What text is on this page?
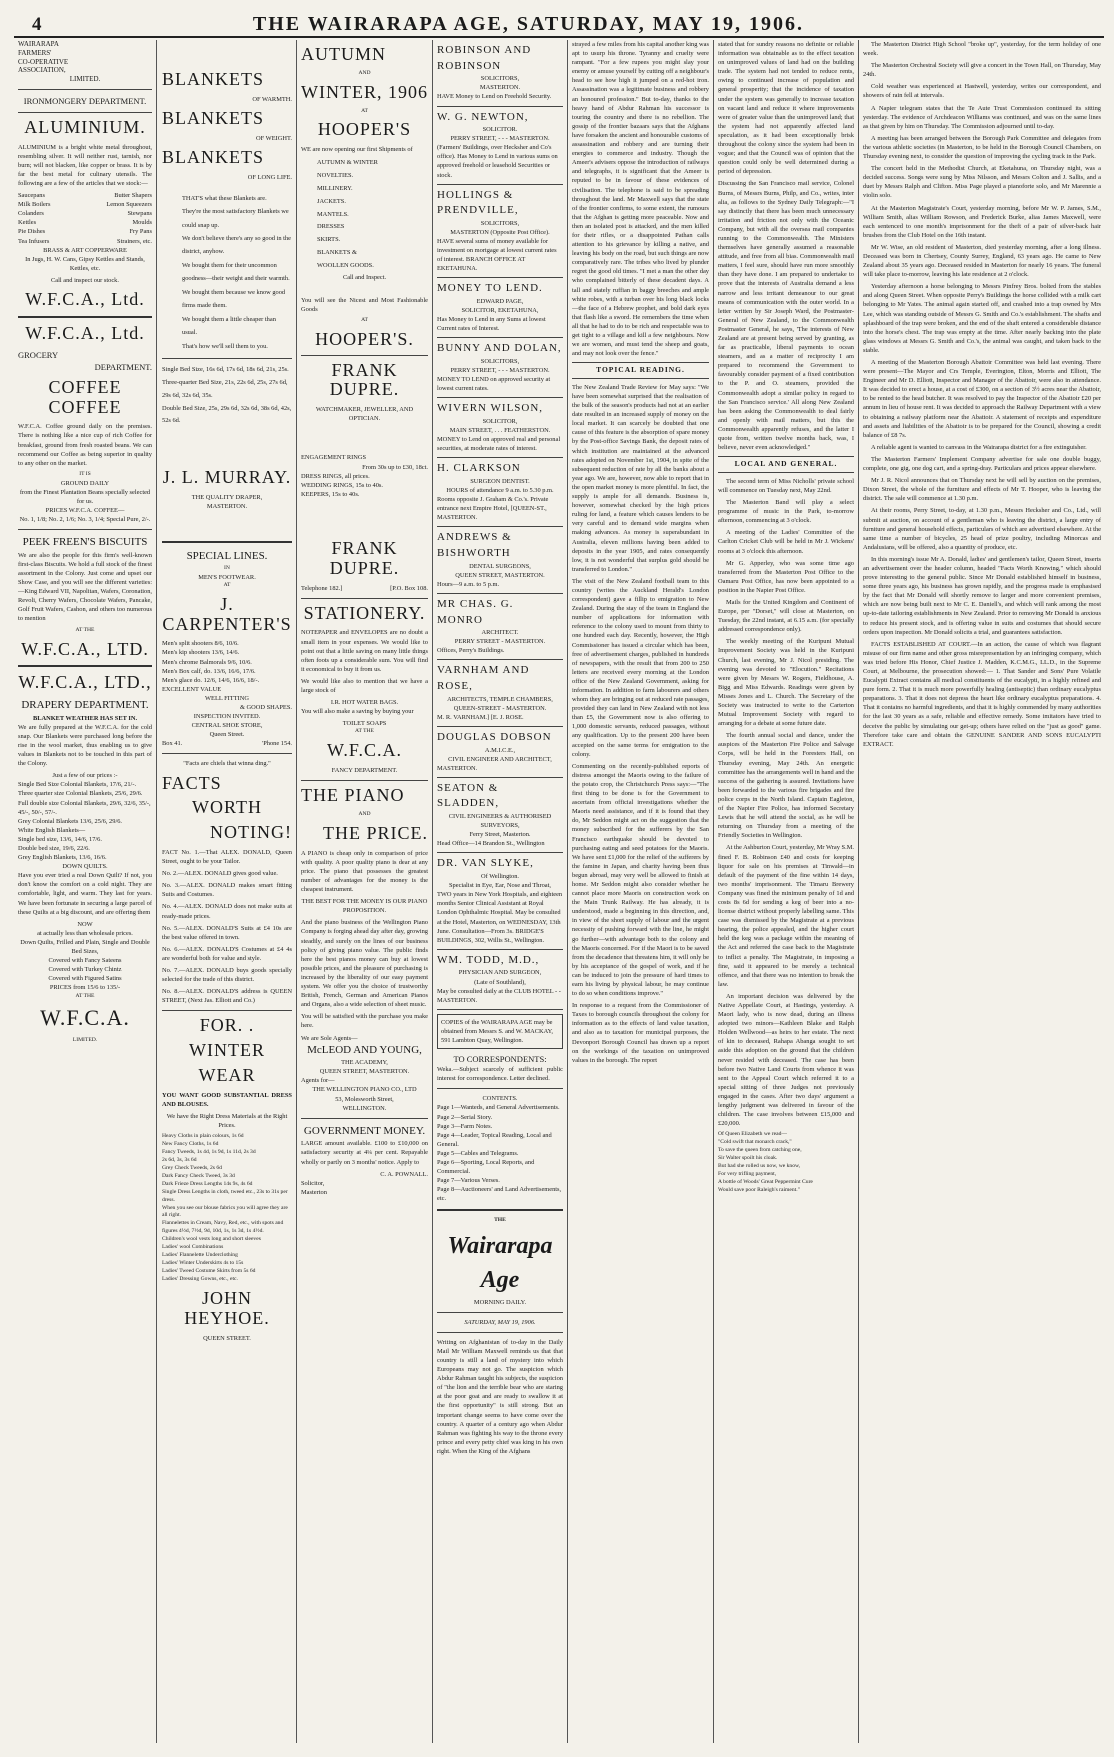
4	THE WAIRARAPA AGE, SATURDAY, MAY 19, 1906.
WAIRARAPA
FARMERS'
CO-OPERATIVE
ASSOCIATION,
LIMITED.
IRONMONGERY DEPARTMENT.
ALUMINIUM.

ALUMINIUM is a bright white metal throughout, resembling silver. It will neither rust, tarnish, nor burn; will not blacken, like copper or brass. It is by far the best metal for culinary utensils. The following are a few of the articles that we stock:—

Saucepans	Butter Shapers
Milk Boilers	Lemon Squeezers
Colanders	Stewpans
Kettles	Moulds
Pie Dishes	Fry Pans
Tea Infusers	Strainers, etc.
BRASS & ART COPPERWARE

In Jugs, H. W. Cans, Gipsy Kettles and Stands, Kettles, etc.

Call and inspect our stock.
W.F.C.A., Ltd.
W.F.C.A., Ltd.
GROCERY
DEPARTMENT.
COFFEE COFFEE

W.F.C.A. Coffee ground daily on the premises. There is nothing like a nice cup of rich Coffee for breakfast, ground from fresh roasted beans. We can recommend our Coffee as being superior in quality to any other on the market.

IT IS
GROUND DAILY
from the Finest Plantation Beans specially selected for us.
PRICES W.F.C.A. COFFEE—
No. 1, 1/8; No. 2, 1/6; No. 3, 1/4; Special Pure, 2/-.
PEEK FREEN'S BISCUITS

We are also the people for this firm's well-known first-class Biscuits. We hold a full stock of the finest assortment in the Colony. Just come and upset our Show Case, and you will see the different varieties:—King Edward VII, Napolitan, Wafers, Coronation, Revoli, Cherry Wafers, Chocolate Wafers, Pancake, Golf Fruit Wafers, Cashon, and others too numerous to mention

AT THE
W.F.C.A., LTD.
W.F.C.A., LTD.,
DRAPERY DEPARTMENT.
BLANKET WEATHER HAS SET IN.

We are fully prepared at the W.F.C.A. for the cold snap. Our Blankets were purchased long before the rise in the wool market, thus enabling us to give values in Blankets not to be touched in this part of the Colony.

Just a few of our prices :-
Single Bed Size Colonial Blankets, 17/6, 21/-.
Three quarter size Colonial Blankets, 25/6, 29/6.
Full double size Colonial Blankets, 29/6, 32/6, 35/-, 45/-, 50/-, 57/-.
Grey Colonial Blankets 13/6, 25/6, 29/6.
White English Blankets—
Single bed size, 13/6, 14/6, 17/6.
Double bed size, 19/6, 22/6.
Grey English Blankets, 13/6, 16/6.
DOWN QUILTS.

Have you ever tried a real Down Quilt? If not, you don't know the comfort on a cold night. They are comfortable, light, and warm. They last for years. We have been fortunate in securing a large parcel of these Quilts at a big discount, and are offering them

NOW
at actually less than wholesale prices.
Down Quilts, Frilled and Plain, Single and Double Bed Sizes,
Covered with Fancy Sateens
Covered with Turkey Chintz
Covered with Figured Satins
PRICES from 15/6 to 135/-
AT THE
W.F.C.A.
LIMITED.
BLANKETS
OF WARMTH.
BLANKETS
OF WEIGHT.
BLANKETS
OF LONG LIFE.
THAT'S what these Blankets are.
They're the most satisfactory Blankets we could snap up.
We don't believe there's any so good in the district, anyhow.
We bought them for their uncommon goodness—their weight and their warmth.
We bought them because we know good firms made them.
We bought them a little cheaper than usual.
That's how we'll sell them to you.
Single Bed Size, 16s 6d, 17s 6d, 18s 6d, 21s, 25s.
Three-quarter Bed Size, 21s, 22s 6d, 25s, 27s 6d, 29s 6d, 32s 6d, 35s.
Double Bed Size, 25s, 29s 6d, 32s 6d, 38s 6d, 42s, 52s 6d.
J. L. MURRAY.
THE QUALITY DRAPER,
MASTERTON.
SPECIAL LINES.
IN
MEN'S FOOTWEAR.
AT
J. CARPENTER'S
Men's split shooters 8/6, 10/6.
Men's kip shooters 13/6, 14/6.
Men's chrome Balmorals 9/6, 10/6.
Men's Box calf, do. 13/6, 16/6, 17/6.
Men's glace do. 12/6, 14/6, 16/6, 18/-.
EXCELLENT VALUE
WELL FITTING
& GOOD SHAPES.
INSPECTION INVITED.
CENTRAL SHOE STORE,
Queen Street.
Box 41.	'Phone 154.
"Facts are chiels that winna ding."
FACTS
WORTH
NOTING!

FACT No. 1.—That ALEX. DONALD, Queen Street, ought to be your Tailor.

No. 2.—ALEX. DONALD gives good value.

No. 3.—ALEX. DONALD makes smart fitting Suits and Costumes.

No. 4.—ALEX. DONALD does not make suits at ready-made prices.

No. 5.—ALEX. DONALD'S Suits at £4 10s are the best value offered in town.

No. 6.—ALEX. DONALD'S Costumes at £4 4s are wonderful both for value and style.

No. 7.—ALEX. DONALD buys goods specially selected for the trade of this district.

No. 8.—ALEX. DONALD'S address is QUEEN STREET, (Next Jas. Elliott and Co.)

FOR. .
WINTER
WEAR

YOU WANT GOOD SUBSTANTIAL DRESS AND BLOUSES.

We have the Right Dress Materials at the Right Prices.

Heavy Cloths in plain colours, 1s 6d
New Fancy Cloths, 1s 6d
Fancy Tweeds, 1s 4d, 1s 9d, 1s 11d, 2s 3d
2s 6d, 3s, 3s 6d
Grey Check Tweeds, 2s 6d
Dark Fancy Check Tweed, 3s 3d
Dark Frieze Dress Lengths 14s 9s, 4s 6d
Single Dress Lengths in cloth, tweed etc., 23s to 31s per dress.
When you see our blouse fabrics you will agree they are all right.
Flannelettes in Cream, Navy, Red, etc., with spots and figures 4½d, 7½d, 9d, 10d, 1s, 1s 3d, 1s 4½d.
Children's wool vests long and short sleeves
Ladies' wool Combinations
Ladies' Flannelette Underclothing
Ladies' Winter Underskirts 4s to 15s
Ladies' Tweed Costume Skirts from 5s 6d
Ladies' Dressing Gowns, etc., etc.
JOHN HEYHOE.
QUEEN STREET.
AUTUMN
AND
WINTER, 1906
AT
HOOPER'S

WE are now opening our first Shipments of

AUTUMN & WINTER
NOVELTIES.
MILLINERY.
JACKETS.
MANTELS.
DRESSES
SKIRTS.
BLANKETS &
WOOLLEN GOODS.
Call and Inspect.

You will see the Nicest and Most Fashionable Goods

AT
HOOPER'S.
FRANK DUPRE.
WATCHMAKER, JEWELLER, AND OPTICIAN.
ENGAGEMENT RINGS
From 30s up to £30, 18ct.
DRESS RINGS, all prices.
WEDDING RINGS, 15s to 40s.
KEEPERS, 15s to 40s.
FRANK DUPRE.
Telephone 182.]	[P.O. Box 108.
STATIONERY.

NOTEPAPER and ENVELOPES are no doubt a small item in your expenses. We would like to point out that a little saving on many little things often foots up a considerable sum. You will find it economical to buy it from us.

We would like also to mention that we have a large stock of

I.R. HOT WATER BAGS.

You will also make a saving by buying your

TOILET SOAPS
AT THE
W.F.C.A.
FANCY DEPARTMENT.
THE PIANO
AND
THE PRICE.

A PIANO is cheap only in comparison of price with quality. A poor quality piano is dear at any price. The piano that possesses the greatest number of advantages for the money is the cheapest instrument.

THE BEST FOR THE MONEY IS OUR PIANO PROPOSITION.

And the piano business of the Wellington Piano Company is forging ahead day after day, growing steadily, and surely on the lines of our business policy of giving piano value. The public finds here the best pianos money can buy at lowest possible prices, and the pleasure of purchasing is increased by the liberality of our easy payment system. We offer you the choice of trustworthy British, French, German and American Pianos and Organs, also a wide selection of sheet music.

You will be satisfied with the purchase you make here.

We are Sole Agents—
McLEOD AND YOUNG,
THE ACADEMY,
QUEEN STREET, MASTERTON.
Agents for—
THE WELLINGTON PIANO CO., LTD
53, Molesworth Street,
WELLINGTON.
GOVERNMENT MONEY.

LARGE amount available. £100 to £10,000 on satisfactory security at 4¼ per cent. Repayable wholly or partly on 3 months' notice. Apply to

C. A. POWNALL.
Solicitor,
Masterton
ROBINSON AND ROBINSON
SOLICITORS,
MASTERTON.
HAVE Money to Lend on Freehold Security.
W. G. NEWTON,
SOLICITOR.
PERRY STREET, - - - MASTERTON.
(Farmers' Buildings, over Hecksher and Co's office). Has Money to Lend in various sums on approved freehold or leasehold Securities or stock.
HOLLINGS & PRENDVILLE,
SOLICITORS,
MASTERTON (Opposite Post Office).
HAVE several sums of money available for investment on mortgage at lowest current rates of interest. BRANCH OFFICE AT EKETAHUNA.
MONEY TO LEND.
EDWARD PAGE,
SOLICITOR, EKETAHUNA,
Has Money to Lend in any Sums at lowest Current rates of Interest.
BUNNY AND DOLAN,
SOLICITORS,
PERRY STREET, - - - MASTERTON.
MONEY TO LEND on approved security at lowest current rates.
WIVERN WILSON,
SOLICITOR,
MAIN STREET, . . . FEATHERSTON.
MONEY to Lend on approved real and personal securities, at moderate rates of interest.
H. CLARKSON
SURGEON DENTIST.
HOURS of attendance 9 a.m. to 5.30 p.m.
Rooms opposite J. Graham & Co.'s. Private entrance next Empire Hotel, [QUEEN-ST., MASTERTON.
ANDREWS & BISHWORTH
DENTAL SURGEONS,
QUEEN STREET, MASTERTON.
Hours—9 a.m. to 5 p.m.
MR CHAS. G. MONRO
ARCHITECT.
PERRY STREET - MASTERTON.
Offices, Perry's Buildings.
VARNHAM AND ROSE,
ARCHITECTS, TEMPLE CHAMBERS,
QUEEN-STREET - MASTERTON.
M. R. VARNHAM.] [E. J. ROSE.
DOUGLAS DOBSON
A.M.I.C.E.,
CIVIL ENGINEER AND ARCHITECT,
MASTERTON.
SEATON & SLADDEN,
CIVIL ENGINEERS & AUTHORISED SURVEYORS,
Ferry Street, Masterton.
Head Office—14 Brandon St., Wellington
DR. VAN SLYKE,
Of Wellington.
Specialist in Eye, Ear, Nose and Throat,
TWO years in New York Hospitals, and eighteen months Senior Clinical Assistant at Royal London Ophthalmic Hospital. May be consulted at the Hotel, Masterton, on WEDNESDAY, 13th June. Consultation—From 3s. BRIDGE'S BUILDINGS, 302, Willis St., Wellington.
WM. TODD, M.D.,
PHYSICIAN AND SURGEON,
(Late of Southland),
May be consulted daily at the CLUB HOTEL - - MASTERTON.
COPIES of the WAIRARAPA AGE may be obtained from Messrs S. and W. MACKAY, 591 Lambton Quay, Wellington.
TO CORRESPONDENTS:

Weka.—Subject scarcely of sufficient public interest for correspondence. Letter declined.

CONTENTS.
Page 1—Wanteds, and General Advertisements.
Page 2—Serial Story.
Page 3—Farm Notes.
Page 4—Leader, Topical Reading, Local and General.
Page 5—Cables and Telegrams.
Page 6—Sporting, Local Reports, and Commercial.
Page 7—Various Verses.
Page 8—Auctioneers' and Land Advertisements, etc.
THE
Wairarapa Age
MORNING DAILY.
SATURDAY, MAY 19, 1906.

Writing on Afghanistan of to-day in the Daily Mail Mr William Maxwell reminds us that that country is still a land of mystery into which Europeans may not go. The suspicion which Abdur Rahman taught his subjects, the suspicion of "the lion and the terrible bear who are staring at the poor goat and are ready to swallow it at the first opportunity" is still strong. But an important change seems to have come over the country. A quarter of a century ago when Abdur Rahman was fighting his way to the throne every prince and every petty chief was king in his own right. When the King of the Afghans

strayed a few miles from his capital another king was apt to usurp his throne. Tyranny and cruelty were rampant. "For a few rupees you might slay your enemy or amuse yourself by cutting off a neighbour's head to see how high it jumped on a red-hot iron. Assassination was a legitimate business and robbery an honoured profession." But to-day, thanks to the heavy hand of Abdur Rahman his successor is touring the country and there is no rebellion. The gossip of the frontier bazaars says that the Afghans have forsaken the ancient and honourable customs of assassination and robbery and are turning their energies to commerce and industry. Though the Ameer's advisers oppose the introduction of railways and telegraphs, it is significant that the Ameer is reputed to be in favour of these evidences of civilisation. The telephone is said to be spreading throughout the land. Mr Maxwell says that the state of the frontier confirms, to some extent, the rumours that the Afghan is getting more peaceable. Now and then an isolated post is attacked, and the men killed for their rifles, or a disappointed Pathan calls attention to his grievance by killing a native, and leaving his body on the road, but such things are now comparatively rare. The tribes who lived by plunder regret the good old times. "I met a man the other day who complained bitterly of these decadent days. A tall and stately ruffian in baggy breeches and ample white robes, with a turban over his long black locks—the face of a Hebrew prophet, and bold dark eyes that flash like a sword. He remembers the time when all that he had to do to be rich and respectable was to get tight to a village and kill a few neighbours. Now we are women, and must tend the sheep and goats, and may not look over the fence."

TOPICAL READING.

The New Zealand Trade Review for May says: "We have been somewhat surprised that the realisation of the bulk of the season's products had not at an earlier date resulted in an increased supply of money on the local market. It can scarcely be doubted that one cause of this feature is the absorption of spare money by the Post-office Savings Bank, the deposit rates of which institution are maintained at the advanced rates adopted on November 1st, 1904, in spite of the subsequent reduction of rate by all the banks about a year ago. We are, however, now able to report that in the open market money is more plentiful. In fact, the supply is ample for all demands. Business is, however, somewhat checked by the high prices ruling for land, a feature which causes lenders to be very careful and to demand wide margins when making advances. As money is superabundant in Australia, eleven millions having been added to deposits in the year 1905, and rates consequently low, it is not wonderful that surplus gold should be transferred to London."

The visit of the New Zealand football team to this country (writes the Auckland Herald's London correspondent) gave a fillip to emigration to New Zealand. During the stay of the team in England the number of applications for information with reference to the colony used to mount from thirty to one hundred each day. Recently, however, the High Commissioner has issued a circular which has been, free of advertisement charges, published in hundreds of newspapers, with the result that from 200 to 250 letters are received every morning at the London office of the New Zealand Government, asking for information. In addition to farm labourers and others whom they are bringing out at reduced rate passages, provided they can land in New Zealand with not less than £5, the Government now is also offering to 1,000 domestic servants, reduced passages, without any qualification. Up to the present 200 have been accepted on the same terms for emigration to the colony.

Commenting on the recently-published reports of distress amongst the Maoris owing to the failure of the potato crop, the Christchurch Press says:—"The first thing to be done is for the Government to ascertain from official investigations whether the Maoris need assistance, and if it is found that they do, Mr Seddon might act on the suggestion that the money subscribed for the sufferers by the San Francisco earthquake should be devoted to purchasing eating and seed potatoes for the Maoris. We have sent £1,000 for the relief of the sufferers by the famine in Japan, and charity having been thus begun abroad, may very well be allowed to finish at home. Mr Seddon might also consider whether he cannot place more Maoris on construction work on the Main Trunk Railway. He has already, it is understood, made a beginning in this direction, and, in view of the short supply of labour and the urgent necessity of pushing forward with the line, he might go further—with advantage both to the colony and the Maoris concerned. For if the Maori is to be saved from the decadence that threatens him, it will only be by his acceptance of the gospel of work, and if he can be induced to join the pressure of hard times to earn his living by physical labour, he may continue to do so when conditions improve."

In response to a request from the Commissioner of Taxes to borough councils throughout the colony for information as to the effects of land value taxation, and also as to taxation for municipal purposes, the Devonport Borough Council has drawn up a report on the workings of the taxation on unimproved values in the borough. The report

stated that for sundry reasons no definite or reliable information was obtainable as to the effect taxation on unimproved values of land had on the building trade. The system had not tended to reduce rents, owing to continued increase of population and general prosperity; that the incidence of taxation under the system was generally to increase taxation on vacant land and reduce it where improvements were of greater value than the unimproved land; that the system had not apparently affected land speculation, as it had been exceptionally brisk throughout the colony since the system had been in vogue; and that the Council was of opinion that the question could only be well determined during a period of depression.

Discussing the San Francisco mail service, Colonel Burns, of Messrs Burns, Philp, and Co., writes, inter alia, as follows to the Sydney Daily Telegraph:—"I say distinctly that there has been much unnecessary irritation and friction not only with the Oceanic Company, but with all the oversea mail companies running to the Commonwealth. The Ministers themselves have generally assumed a reasonable attitude, and free from all bias. Commonwealth mail matters, I feel sure, should have run more smoothly than they have done. I am prepared to undertake to prove that the interests of Australia demand a less narrow and less irritant demeanour to our great means of communication with the outer world. In a letter written by Sir Joseph Ward, the Postmaster-General of New Zealand, to the Commonwealth Postmaster General, he says, 'The interests of New Zealand are at present being served by granting, as far as practicable, liberal payments to ocean steamers, and as a matter of reciprocity I am prepared to recommend the Government to favourably consider payment of a fixed contribution to the P. and O. steamers, provided the Commonwealth adopt a similar policy in regard to the San Francisco service.' All along New Zealand has been asking the Commonwealth to deal fairly and openly with mail matters, but this the Commonwealth apparently refuses, and the latter I quote from, written twelve months back, was, I believe, never even acknowledged."

LOCAL AND GENERAL.

The second term of Miss Nicholls' private school will commence on Tuesday next, May 22nd.

The Masterton Band will play a select programme of music in the Park, to-morrow afternoon, commencing at 3 o'clock.

A meeting of the Ladies' Committee of the Carlton Cricket Club will be held in Mr J. Wickens' rooms at 3 o'clock this afternoon.

Mr G. Apperley, who was some time ago transferred from the Masterton Post Office to the Oamaru Post Office, has now been appointed to a position in the Napier Post Office.

Mails for the United Kingdom and Continent of Europe, per "Dorset," will close at Masterton, on Tuesday, the 22nd instant, at 6.15 a.m. (for specially addressed correspondence only).

The weekly meeting of the Kuripuni Mutual Improvement Society was held in the Kuripuni Church, last evening, Mr J. Nicol presiding. The evening was devoted to "Elocution." Recitations were given by Messrs W. Rogers, Fieldhouse, A. Bigg and Miss Edwards. Readings were given by Misses Jones and L. Church. The Secretary of the Society was instructed to write to the Carterton Mutual Improvement Society with regard to arranging for a debate at some future date.

The fourth annual social and dance, under the auspices of the Masterton Fire Police and Salvage Corps, will be held in the Foresters Hall, on Thursday evening, May 24th. An energetic committee has the arrangements well in hand and the success of the gathering is assured. Invitations have been forwarded to the various fire brigades and fire police corps in the North Island. Captain Eagleton, of the Napier Fire Police, has informed Secretary Lewis that he will attend the social, as he will be returning on Thursday from a meeting of the Friendly Societies in Wellington.

At the Ashburton Court, yesterday, Mr Wray S.M. fined F. B. Robinson £40 and costs for keeping liquor for sale on his premises at Tinwald—in default of the payment of the fine within 14 days, two months' imprisonment. The Timaru Brewery Company was fined the minimum penalty of 1d and costs 8s 6d for sending a keg of beer into a no-license district without properly labelling same. This case was dismissed by the Magistrate at a previous hearing, the police appealed, and the higher court held the keg was a package within the meaning of the Act and referred the case back to the Magistrate to inflict a penalty. The Magistrate, in imposing a fine, said it appeared to be merely a technical offence, and that there was no intention to break the law.

An important decision was delivered by the Native Appellate Court, at Hastings, yesterday. A Maori lady, who is now dead, during an illness adopted two minors—Kathleen Blake and Ralph Holden Wellwood—as heirs to her estate. The next of kin to deceased, Rahapa Abanga sought to set aside this adoption on the ground that the children never resided with deceased. The case has been before two Native Land Courts from whence it was sent to the Appeal Court which referred it to a special sitting of three Judges not previously engaged in the cases. After two days' argument a lengthy judgment was delivered in favour of the children. The case involves between £15,000 and £20,000.

Of Queen Elizabeth we read—
"Cold swift that monarch crack,"
To save the queen from catching one,
Sir Walter spoilt his cloak.
But had she rolled us now, we know,
For very trifling payment,
A bottle of Woods' Great Peppermint Cure
Would save poor Raleigh's raiment."

The Masterton District High School "broke up", yesterday, for the term holiday of one week.

The Masterton Orchestral Society will give a concert in the Town Hall, on Thursday, May 24th.

Cold weather was experienced at Hastwell, yesterday, writes our correspondent, and showers of rain fell at intervals.

A Napier telegram states that the Te Aute Trust Commission continued its sitting yesterday. The evidence of Archdeacon Williams was continued, and was on the same lines as that given by him on Thursday. The Commission adjourned until to-day.

A meeting has been arranged between the Borough Park Committee and delegates from the various athletic societies (in Masterton, to be held in the Borough Council Chambers, on Thursday evening next, to consider the question of improving the cycling track in the Park.

The concert held in the Methodist Church, at Eketahuna, on Thursday night, was a decided success. Songs were sung by Miss Nilsson, and Messrs Colton and J. Sallis, and a duet by Messrs Ralph and Clifton. Miss Page played a pianoforte solo, and Mr Marennie a violin solo.

At the Masterton Magistrate's Court, yesterday morning, before Mr W. P. James, S.M., William Smith, alias William Rowson, and Frederick Burke, alias James Maxwell, were each sentenced to one month's imprisonment for the theft of a pair of silver-back hair brushes from the Club Hotel on the 16th instant.

Mr W. Wise, an old resident of Masterton, died yesterday morning, after a long illness. Deceased was born in Chertsey, County Surrey, England, 63 years ago. He came to New Zealand about 35 years ago. Deceased resided in Masterton for nearly 16 years. The funeral will take place to-morrow, leaving his late residence at 2 o'clock.

Yesterday afternoon a horse belonging to Messrs Pinfrey Bros. bolted from the stables and along Queen Street. When opposite Perry's Buildings the horse collided with a milk cart belonging to Mr Yates. The animal again started off, and crashed into a trap owned by Mrs Lee, which was standing outside of Messrs G. Smith and Co.'s establishment. The shafts and splashboard of the trap were broken, and the end of the shaft entered a considerable distance into the horse's chest. The trap was empty at the time. After nearly backing into the plate glass windows at Messrs G. Smith and Co.'s, the animal was caught, and taken back to the stable.

A meeting of the Masterton Borough Abattoir Committee was held last evening. There were present—The Mayor and Crs Temple, Everington, Elton, Morris and Elliott, The Engineer and Mr D. Elliott, Inspector and Manager of the Abattoir, were also in attendance. It was decided to erect a house, at a cost of £300, on a section of 3½ acres near the Abattoir, to be rented to the head butcher. It was resolved to pay the Inspector of the Abattoir £20 per annum in lieu of house rent. It was decided to approach the Railway Department with a view to obtaining a railway platform near the Abattoir. A statement of receipts and expenditure and assets and liabilities of the Abattoir is to be prepared for the Council, showing a credit balance of £8 7s.

A reliable agent is wanted to canvass in the Wairarapa district for a fire extinguisher.

The Masterton Farmers' Implement Company advertise for sale one double buggy, complete, one gig, one dog cart, and a spring-dray. Particulars and prices appear elsewhere.

Mr J. R. Nicol announces that on Thursday next he will sell by auction on the premises, Dixon Street, the whole of the furniture and effects of Mr T. Hooper, who is leaving the district. The sale will commence at 1.30 p.m.

At their rooms, Perry Street, to-day, at 1.30 p.m., Messrs Hecksher and Co., Ltd., will submit at auction, on account of a gentleman who is leaving the district, a large entry of furniture and general household effects, particulars of which are advertised elsewhere. At the same time a number of bicycles, 25 head of prize poultry, including Minorcas and Andalusians, will be offered, also a quantity of produce, etc.

In this morning's issue Mr A. Donald, ladies' and gentlemen's tailor, Queen Street, inserts an advertisement over the header column, headed "Facts Worth Knowing," which should prove interesting to the general public. Since Mr Donald established himself in business, some three years ago, his business has grown rapidly, and the progress made is emphasised by the fact that Mr Donald will shortly remove to larger and more convenient premises, which are now being built next to Mr C. E. Daniell's, and which will rank among the most up-to-date tailoring establishments in New Zealand. Prior to removing Mr Donald is anxious to reduce his present stock, and is offering value in suits and costumes that should secure orders upon inspection. Mr Donald solicits a trial, and guarantees satisfaction.

FACTS ESTABLISHED AT COURT.—In an action, the cause of which was flagrant misuse of our firm name and other gross misrepresentation by an infringing company, which was tried before His Honor, Chief Justice J. Madden, K.C.M.G., LL.D., in the Supreme Court, at Melbourne, the prosecution showed:— 1. That Sander and Sons' Pure Volatile Eucalypti Extract contains all medical constituents of the eucalypti, in a highly refined and pure form. 2. That it is much more powerfully healing (antiseptic) than ordinary eucalyptus preparations. 3. That it does not depress the heart like ordinary eucalyptus preparations. 4. That it contains no harmful ingredients, and that it is highly commended by many authorities for the last 30 years as a safe, reliable and effective remedy. Some imitators have tried to deceive the public by simulating our get-up; others have relied on the "just as good" game. Therefore take care and obtain the GENUINE SANDER AND SONS EUCALYPTI EXTRACT.
